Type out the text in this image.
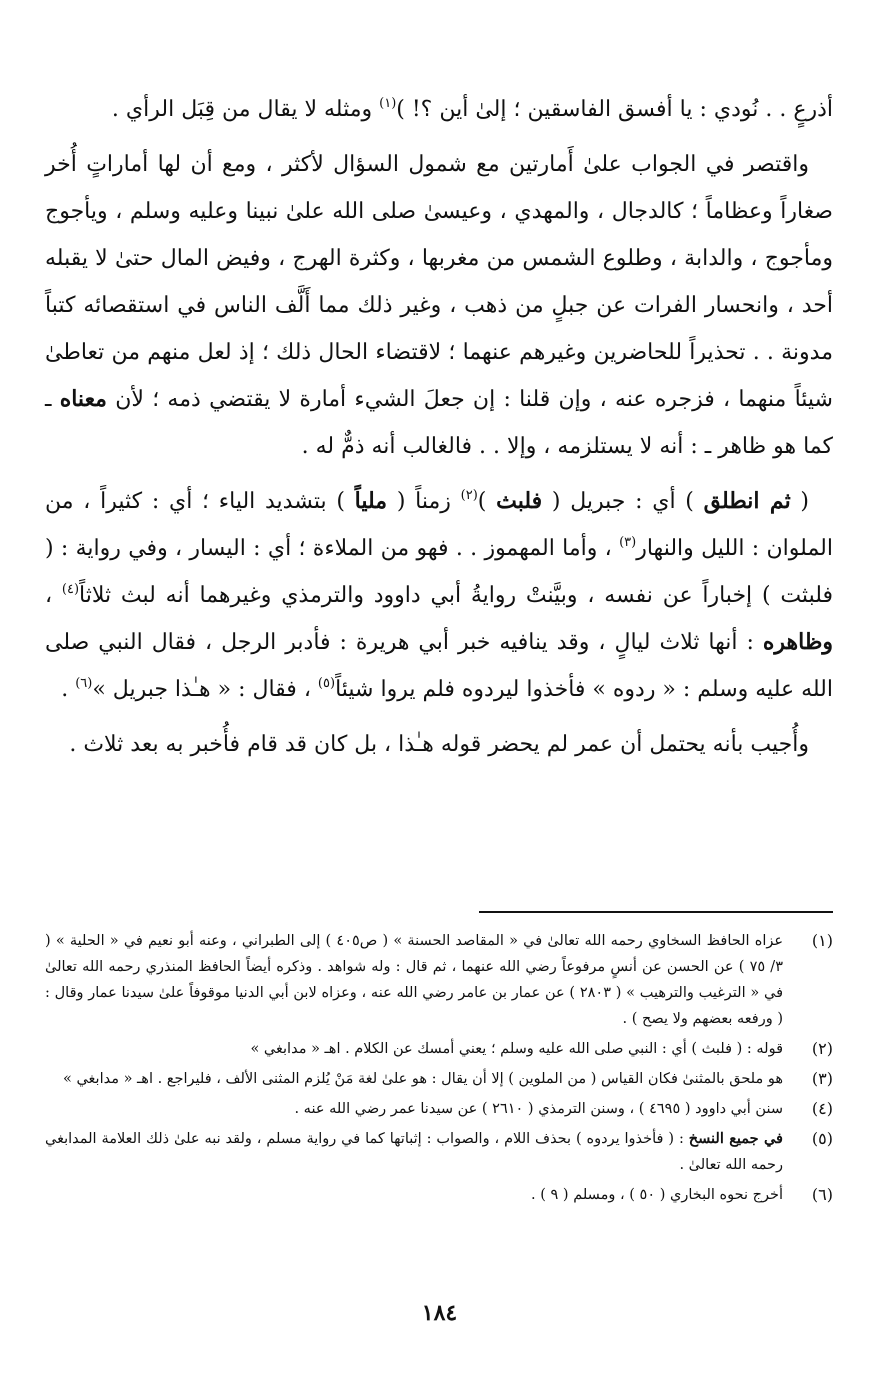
أذرعٍ . . نُودي : يا أفسق الفاسقين ؛ إلىٰ أين ؟! )$^{(١)}$ ومثله لا يقال من قِبَل الرأي .

واقتصر في الجواب علىٰ أَمارتين مع شمول السؤال لأكثر ، ومع أن لها أماراتٍ أُخر صغاراً وعظاماً ؛ كالدجال ، والمهدي ، وعيسىٰ صلى الله علىٰ نبينا وعليه وسلم ، ويأجوج ومأجوج ، والدابة ، وطلوع الشمس من مغربها ، وكثرة الهرج ، وفيض المال حتىٰ لا يقبله أحد ، وانحسار الفرات عن جبلٍ من ذهب ، وغير ذلك مما أَلَّف الناس في استقصائه كتباً مدونة . . تحذيراً للحاضرين وغيرهم عنهما ؛ لاقتضاء الحال ذلك ؛ إذ لعل منهم من تعاطىٰ شيئاً منهما ، فزجره عنه ، وإن قلنا : إن جعلَ الشيء أمارة لا يقتضي ذمه ؛ لأن معناه ـ كما هو ظاهر ـ : أنه لا يستلزمه ، وإلا . . فالغالب أنه ذمٌّ له .

( ثم انطلق ) أي : جبريل ( فلبث )$^{(٢)}$ زمناً ( ملياً ) بتشديد الياء ؛ أي : كثيراً ، من الملوان : الليل والنهار$^{(٣)}$ ، وأما المهموز . . فهو من الملاءة ؛ أي : اليسار ، وفي رواية : ( فلبثت ) إخباراً عن نفسه ، وبيَّنتْ روايةُ أبي داوود والترمذي وغيرهما أنه لبث ثلاثاً$^{(٤)}$ ، وظاهره : أنها ثلاث ليالٍ ، وقد ينافيه خبر أبي هريرة : فأدبر الرجل ، فقال النبي صلى الله عليه وسلم : « ردوه » فأخذوا ليردوه فلم يروا شيئاً$^{(٥)}$ ، فقال : « هـٰذا جبريل »$^{(٦)}$ .

وأُجيب بأنه يحتمل أن عمر لم يحضر قوله هـٰذا ، بل كان قد قام فأُخبر به بعد ثلاث .

(١)
عزاه الحافظ السخاوي رحمه الله تعالىٰ في « المقاصد الحسنة » ( ص٤٠٥ ) إلى الطبراني ، وعنه أبو نعيم في « الحلية » ( ٣/ ٧٥ ) عن الحسن عن أنسٍ مرفوعاً رضي الله عنهما ، ثم قال : وله شواهد . وذكره أيضاً الحافظ المنذري رحمه الله تعالىٰ في « الترغيب والترهيب » ( ٢٨٠٣ ) عن عمار بن عامر رضي الله عنه ، وعزاه لابن أبي الدنيا موقوفاً علىٰ سيدنا عمار وقال : ( ورفعه بعضهم ولا يصح ) .
(٢)
قوله : ( فلبث ) أي : النبي صلى الله عليه وسلم ؛ يعني أمسك عن الكلام . اهـ « مدابغي »
(٣)
هو ملحق بالمثنىٰ فكان القياس ( من الملوين ) إلا أن يقال : هو علىٰ لغة مَنْ يُلزم المثنى الألف ، فليراجع . اهـ « مدابغي »
(٤)
سنن أبي داوود ( ٤٦٩٥ ) ، وسنن الترمذي ( ٢٦١٠ ) عن سيدنا عمر رضي الله عنه .
(٥)
في جميع النسخ : ( فأخذوا يردوه ) بحذف اللام ، والصواب : إثباتها كما في رواية مسلم ، ولقد نبه علىٰ ذلك العلامة المدابغي رحمه الله تعالىٰ .
(٦)
أخرج نحوه البخاري ( ٥٠ ) ، ومسلم ( ٩ ) .
١٨٤
